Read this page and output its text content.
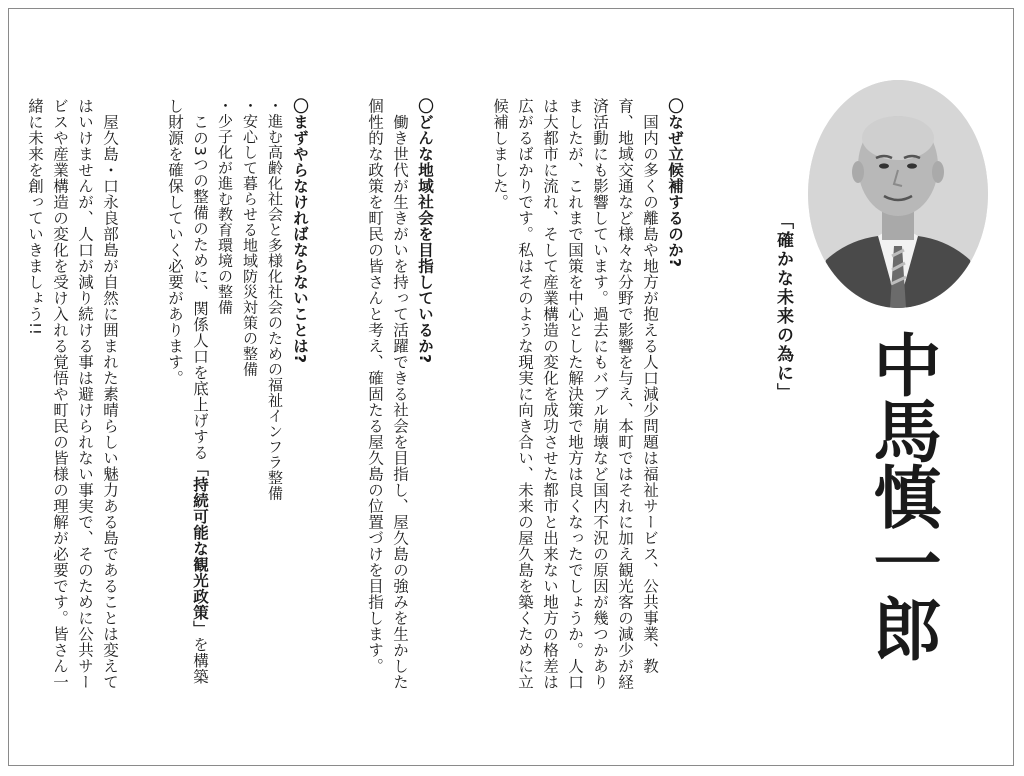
〇なぜ立候補するのか?
国内の多くの離島や地方が抱える人口減少問題は福祉サービス、公共事業、教育、地域交通など様々な分野で影響を与え、本町ではそれに加え観光客の減少が経済活動にも影響しています。過去にもバブル崩壊など国内不況の原因が幾つかありましたが、これまで国策を中心とした解決策で地方は良くなったでしょうか。人口は大都市に流れ、そして産業構造の変化を成功させた都市と出来ない地方の格差は広がるばかりです。私はそのような現実に向き合い、未来の屋久島を築くために立候補しました。
〇どんな地域社会を目指しているか?
働き世代が生きがいを持って活躍できる社会を目指し、屋久島の強みを生かした個性的な政策を町民の皆さんと考え、確固たる屋久島の位置づけを目指します。
〇まずやらなければならないことは?
・進む高齢化社会と多様化社会のための福祉インフラ整備
・安心して暮らせる地域防災対策の整備
・少子化が進む教育環境の整備
この3つの整備のために、関係人口を底上げする「持続可能な観光政策」を構築し財源を確保していく必要があります。
屋久島・口永良部島が自然に囲まれた素晴らしい魅力ある島であることは変えてはいけませんが、人口が減り続ける事は避けられない事実で、そのために公共サービスや産業構造の変化を受け入れる覚悟や町民の皆様の理解が必要です。皆さん一緒に未来を創っていきましょう!!	「確かな未来の為に」
中馬慎一郎
